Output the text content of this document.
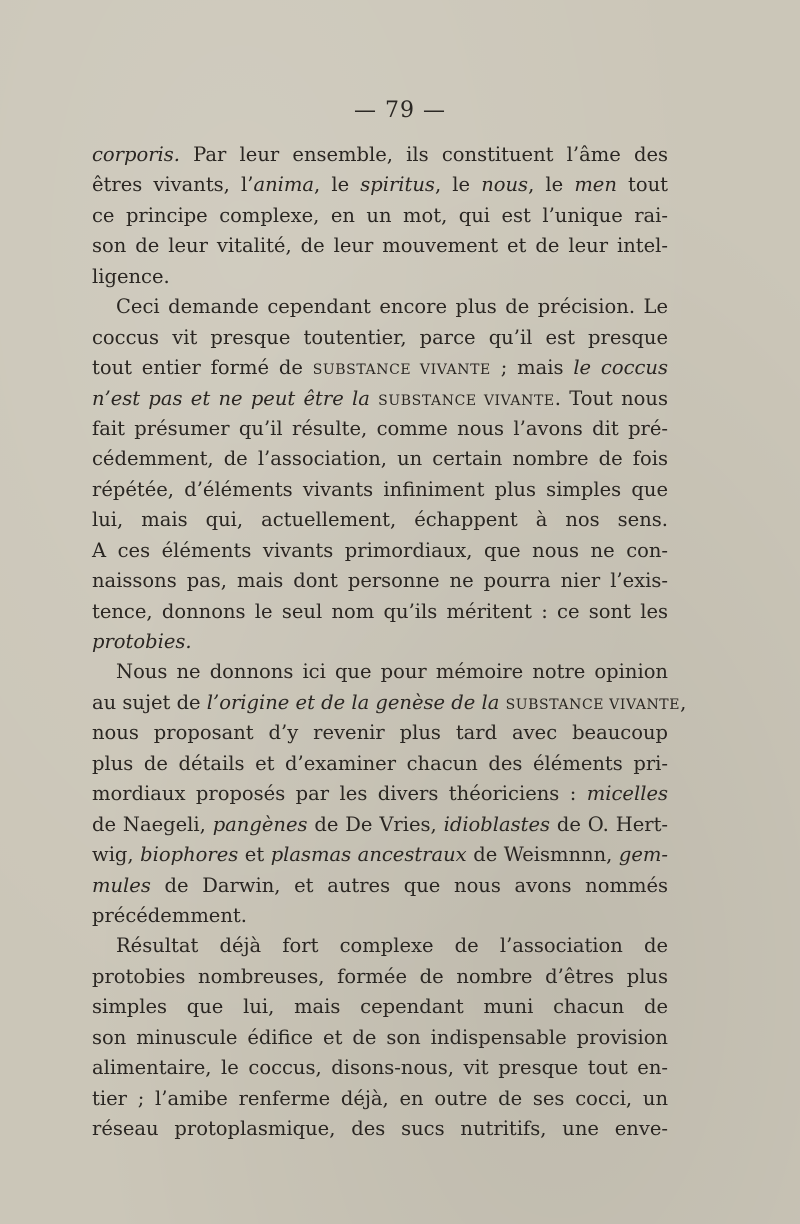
— 79 —
corporis. Par leur ensemble, ils constituent l’âme des
êtres vivants, l’anima, le spiritus, le nous, le men tout
ce principe complexe, en un mot, qui est l’unique rai-
son de leur vitalité, de leur mouvement et de leur intel-
ligence.
Ceci demande cependant encore plus de précision. Le
coccus vit presque toutentier, parce qu’il est presque
tout entier formé de SUBSTANCE VIVANTE ; mais le coccus
n’est pas et ne peut être la SUBSTANCE VIVANTE. Tout nous
fait présumer qu’il résulte, comme nous l’avons dit pré-
cédemment, de l’association, un certain nombre de fois
répétée, d’éléments vivants infiniment plus simples que
lui, mais qui, actuellement, échappent à nos sens.
A ces éléments vivants primordiaux, que nous ne con-
naissons pas, mais dont personne ne pourra nier l’exis-
tence, donnons le seul nom qu’ils méritent : ce sont les
protobies.
Nous ne donnons ici que pour mémoire notre opinion
au sujet de l’origine et de la genèse de la SUBSTANCE VIVANTE,
nous proposant d’y revenir plus tard avec beaucoup
plus de détails et d’examiner chacun des éléments pri-
mordiaux proposés par les divers théoriciens : micelles
de Naegeli, pangènes de De Vries, idioblastes de O. Hert-
wig, biophores et plasmas ancestraux de Weismnnn, gem-
mules de Darwin, et autres que nous avons nommés
précédemment.
Résultat déjà fort complexe de l’association de
protobies nombreuses, formée de nombre d’êtres plus
simples que lui, mais cependant muni chacun de
son minuscule édifice et de son indispensable provision
alimentaire, le coccus, disons-nous, vit presque tout en-
tier ; l’amibe renferme déjà, en outre de ses cocci, un
réseau protoplasmique, des sucs nutritifs, une enve-
